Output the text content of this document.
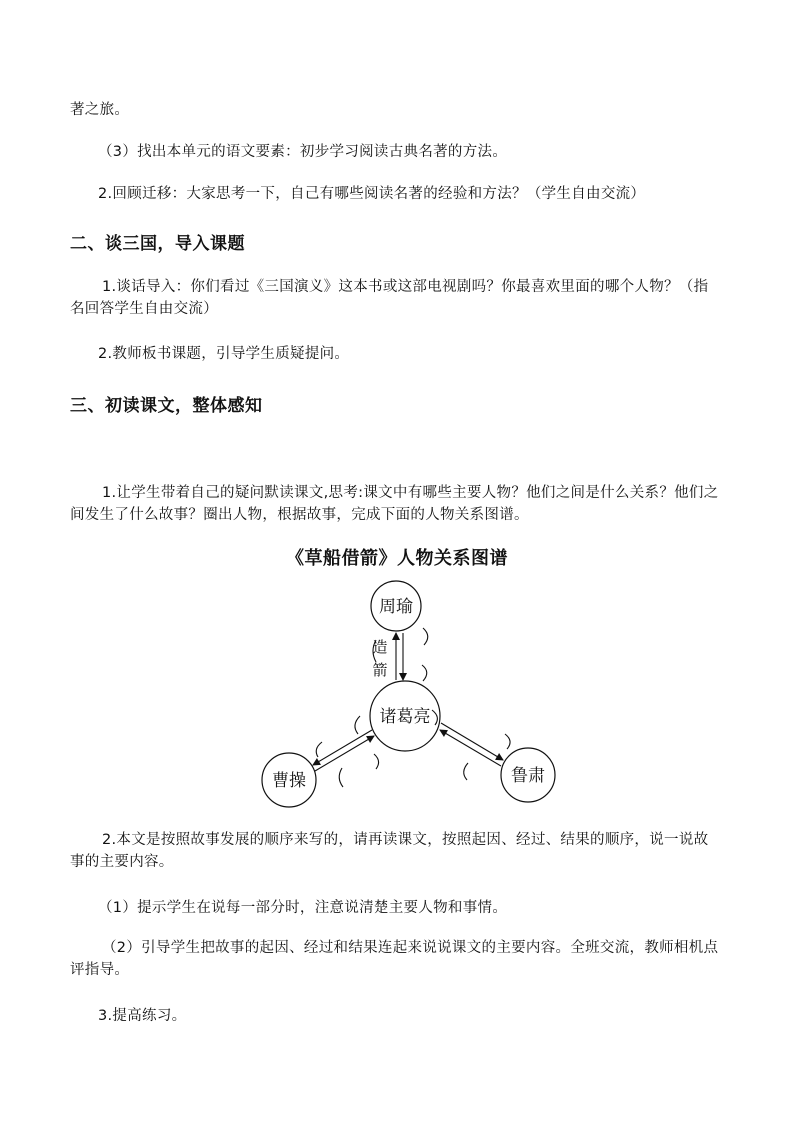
著之旅。
（3）找出本单元的语文要素：初步学习阅读古典名著的方法。
2.回顾迁移：大家思考一下，自己有哪些阅读名著的经验和方法？（学生自由交流）
二、谈三国，导入课题
1.谈话导入：你们看过《三国演义》这本书或这部电视剧吗？你最喜欢里面的哪个人物？（指名回答学生自由交流）
2.教师板书课题，引导学生质疑提问。
三、初读课文，整体感知
1.让学生带着自己的疑问默读课文,思考:课文中有哪些主要人物？他们之间是什么关系？他们之间发生了什么故事？圈出人物，根据故事，完成下面的人物关系图谱。
《草船借箭》人物关系图谱
周瑜
诸葛亮
曹操	鲁肃
造
箭
2.本文是按照故事发展的顺序来写的，请再读课文，按照起因、经过、结果的顺序，说一说故事的主要内容。
（1）提示学生在说每一部分时，注意说清楚主要人物和事情。
（2）引导学生把故事的起因、经过和结果连起来说说课文的主要内容。全班交流，教师相机点评指导。
3.提高练习。
